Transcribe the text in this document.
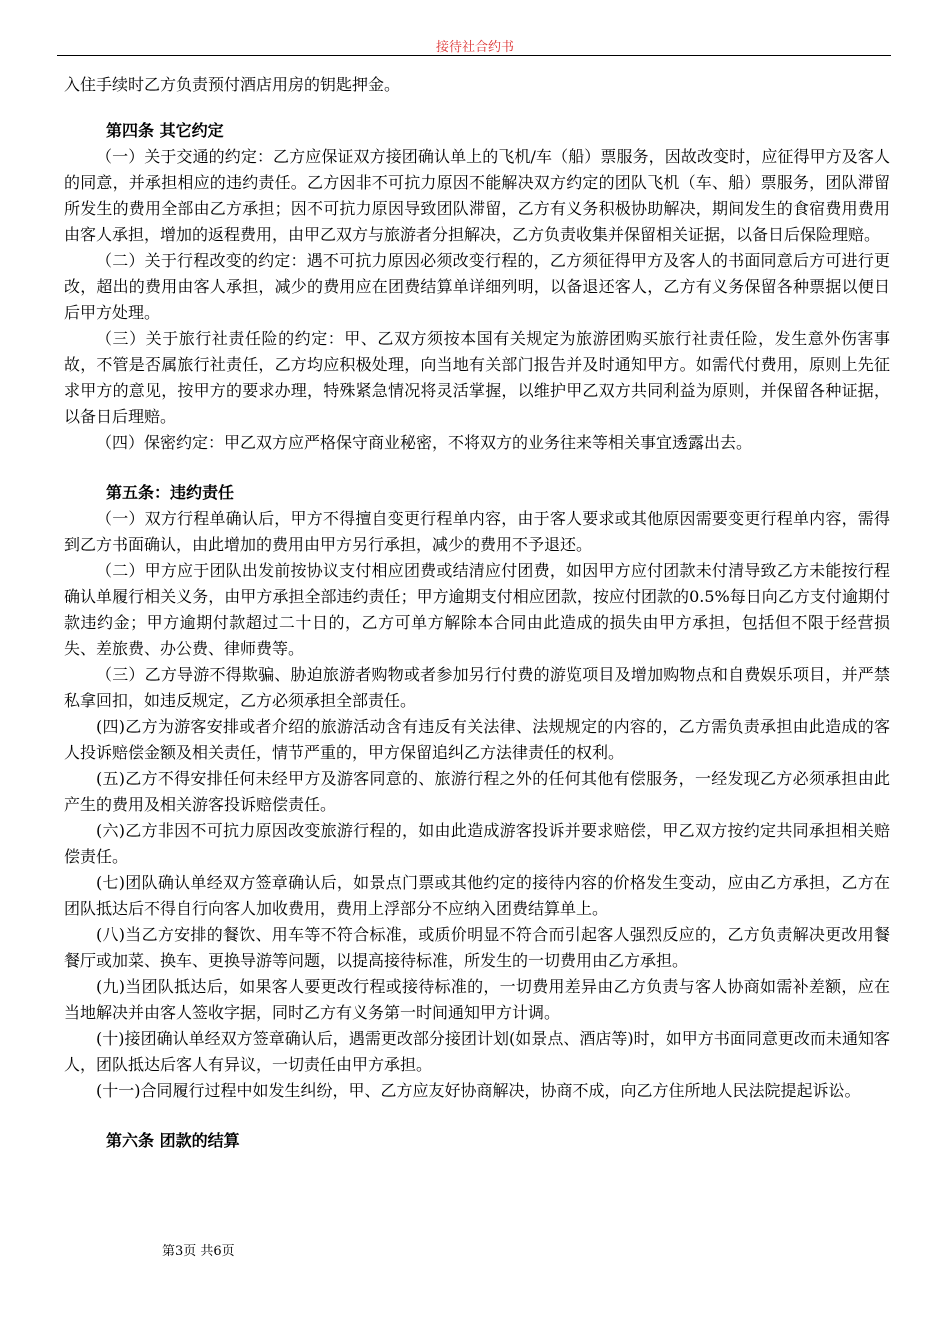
接待社合约书

入住手续时乙方负责预付酒店用房的钥匙押金。

第四条 其它约定

（一）关于交通的约定：乙方应保证双方接团确认单上的飞机/车（船）票服务，因故改变时，应征得甲方及客人的同意，并承担相应的违约责任。乙方因非不可抗力原因不能解决双方约定的团队飞机（车、船）票服务，团队滞留所发生的费用全部由乙方承担；因不可抗力原因导致团队滞留，乙方有义务积极协助解决，期间发生的食宿费用费用由客人承担，增加的返程费用，由甲乙双方与旅游者分担解决，乙方负责收集并保留相关证据，以备日后保险理赔。

（二）关于行程改变的约定：遇不可抗力原因必须改变行程的，乙方须征得甲方及客人的书面同意后方可进行更改，超出的费用由客人承担，减少的费用应在团费结算单详细列明，以备退还客人，乙方有义务保留各种票据以便日后甲方处理。

（三）关于旅行社责任险的约定：甲、乙双方须按本国有关规定为旅游团购买旅行社责任险，发生意外伤害事故，不管是否属旅行社责任，乙方均应积极处理，向当地有关部门报告并及时通知甲方。如需代付费用，原则上先征求甲方的意见，按甲方的要求办理，特殊紧急情况将灵活掌握，以维护甲乙双方共同利益为原则，并保留各种证据，以备日后理赔。

（四）保密约定：甲乙双方应严格保守商业秘密，不将双方的业务往来等相关事宜透露出去。

第五条：违约责任

（一）双方行程单确认后，甲方不得擅自变更行程单内容，由于客人要求或其他原因需要变更行程单内容，需得到乙方书面确认，由此增加的费用由甲方另行承担，减少的费用不予退还。

（二）甲方应于团队出发前按协议支付相应团费或结清应付团费，如因甲方应付团款未付清导致乙方未能按行程确认单履行相关义务，由甲方承担全部违约责任；甲方逾期支付相应团款，按应付团款的0.5%每日向乙方支付逾期付款违约金；甲方逾期付款超过二十日的，乙方可单方解除本合同由此造成的损失由甲方承担，包括但不限于经营损失、差旅费、办公费、律师费等。

（三）乙方导游不得欺骗、胁迫旅游者购物或者参加另行付费的游览项目及增加购物点和自费娱乐项目，并严禁私拿回扣，如违反规定，乙方必须承担全部责任。

(四)乙方为游客安排或者介绍的旅游活动含有违反有关法律、法规规定的内容的，乙方需负责承担由此造成的客人投诉赔偿金额及相关责任，情节严重的，甲方保留追纠乙方法律责任的权利。

(五)乙方不得安排任何未经甲方及游客同意的、旅游行程之外的任何其他有偿服务，一经发现乙方必须承担由此产生的费用及相关游客投诉赔偿责任。

(六)乙方非因不可抗力原因改变旅游行程的，如由此造成游客投诉并要求赔偿，甲乙双方按约定共同承担相关赔偿责任。

(七)团队确认单经双方签章确认后，如景点门票或其他约定的接待内容的价格发生变动，应由乙方承担，乙方在团队抵达后不得自行向客人加收费用，费用上浮部分不应纳入团费结算单上。

(八)当乙方安排的餐饮、用车等不符合标准，或质价明显不符合而引起客人强烈反应的，乙方负责解决更改用餐餐厅或加菜、换车、更换导游等问题，以提高接待标准，所发生的一切费用由乙方承担。

(九)当团队抵达后，如果客人要更改行程或接待标准的，一切费用差异由乙方负责与客人协商如需补差额，应在当地解决并由客人签收字据，同时乙方有义务第一时间通知甲方计调。

(十)接团确认单经双方签章确认后，遇需更改部分接团计划(如景点、酒店等)时，如甲方书面同意更改而未通知客人，团队抵达后客人有异议，一切责任由甲方承担。

(十一)合同履行过程中如发生纠纷，甲、乙方应友好协商解决，协商不成，向乙方住所地人民法院提起诉讼。

第六条 团款的结算
第3页 共6页
